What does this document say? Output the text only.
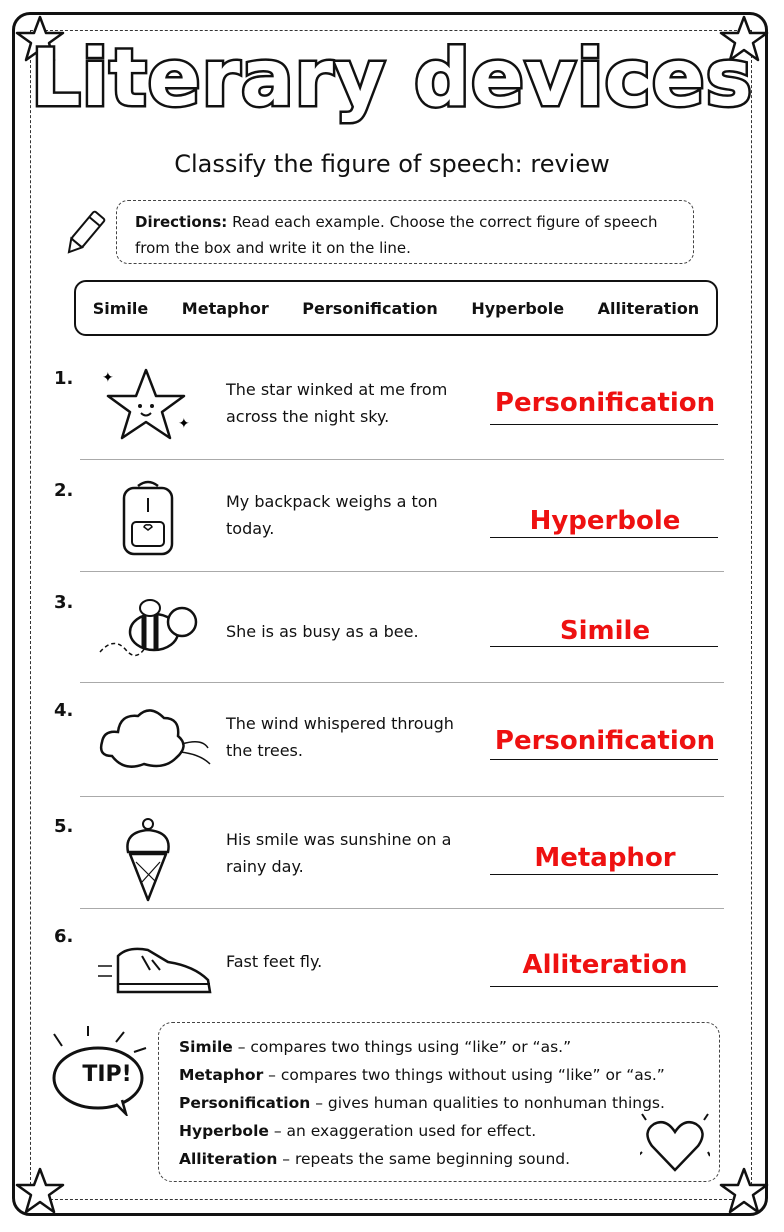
Literary devices
Classify the figure of speech: review
Directions: Read each example. Choose the correct figure of speech from the box and write it on the line.
Simile Metaphor Personification Hyperbole Alliteration
1. ✦
✦
The star winked at me from across the night sky.	Personification
2.
My backpack weighs a ton today.	Hyperbole
3.
She is as busy as a bee.	Simile
4.
The wind whispered through the trees.	Personification
5.
His smile was sunshine on a rainy day.	Metaphor
6.
Fast feet fly.	Alliteration
TIP!
Simile – compares two things using “like” or “as.”
Metaphor – compares two things without using “like” or “as.”
Personification – gives human qualities to nonhuman things.
Hyperbole – an exaggeration used for effect.
Alliteration – repeats the same beginning sound.
